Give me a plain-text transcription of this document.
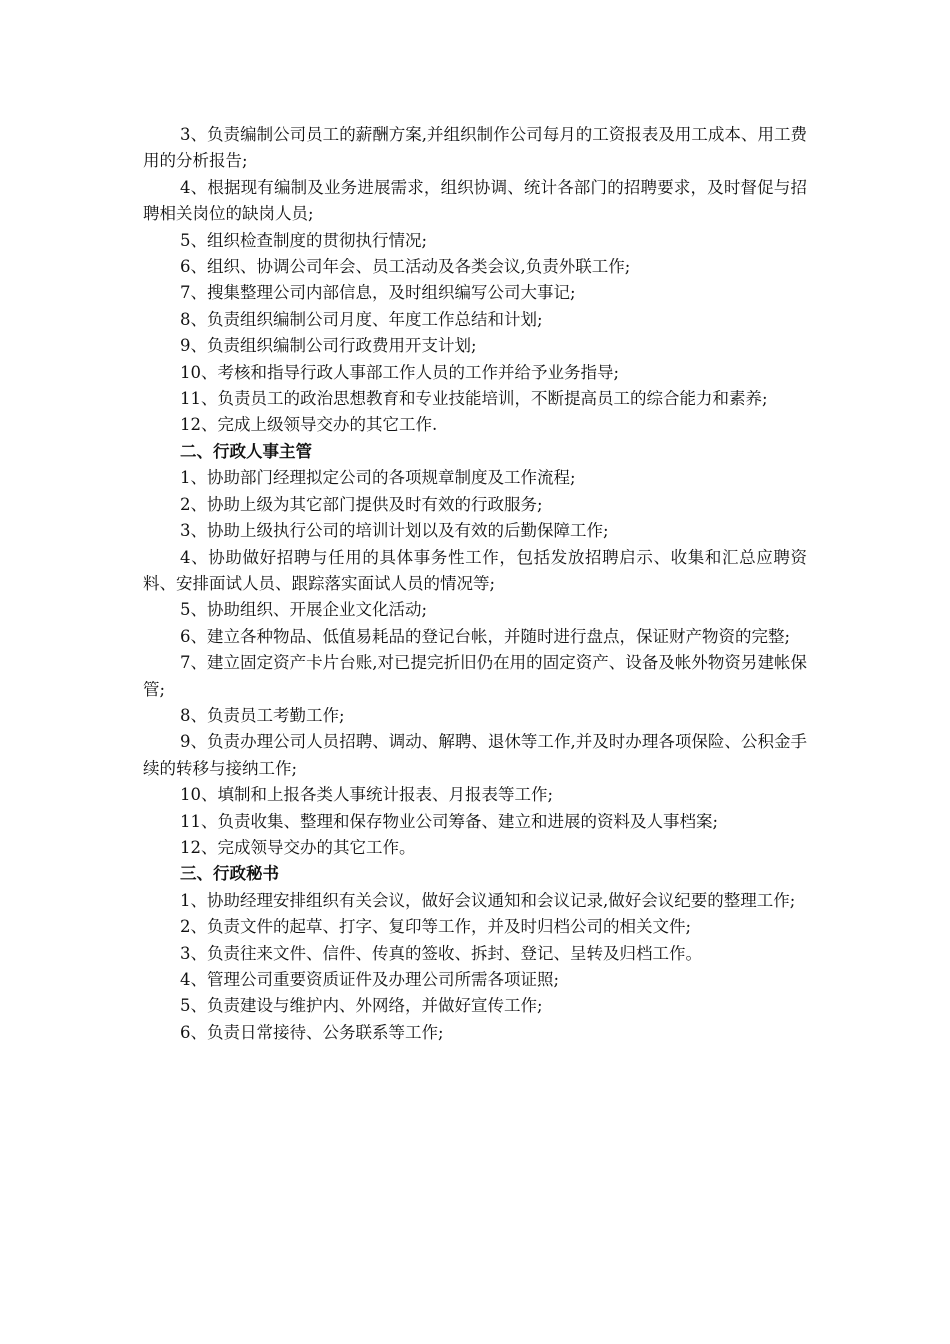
3、负责编制公司员工的薪酬方案,并组织制作公司每月的工资报表及用工成本、用工费用的分析报告;

4、根据现有编制及业务进展需求，组织协调、统计各部门的招聘要求，及时督促与招聘相关岗位的缺岗人员;

5、组织检查制度的贯彻执行情况;

6、组织、协调公司年会、员工活动及各类会议,负责外联工作;

7、搜集整理公司内部信息，及时组织编写公司大事记;

8、负责组织编制公司月度、年度工作总结和计划;

9、负责组织编制公司行政费用开支计划;

10、考核和指导行政人事部工作人员的工作并给予业务指导;

11、负责员工的政治思想教育和专业技能培训，不断提高员工的综合能力和素养;

12、完成上级领导交办的其它工作.

二、行政人事主管

1、协助部门经理拟定公司的各项规章制度及工作流程;

2、协助上级为其它部门提供及时有效的行政服务;

3、协助上级执行公司的培训计划以及有效的后勤保障工作;

4、协助做好招聘与任用的具体事务性工作，包括发放招聘启示、收集和汇总应聘资料、安排面试人员、跟踪落实面试人员的情况等;

5、协助组织、开展企业文化活动;

6、建立各种物品、低值易耗品的登记台帐，并随时进行盘点，保证财产物资的完整;

7、建立固定资产卡片台账,对已提完折旧仍在用的固定资产、设备及帐外物资另建帐保管;

8、负责员工考勤工作;

9、负责办理公司人员招聘、调动、解聘、退休等工作,并及时办理各项保险、公积金手续的转移与接纳工作;

10、填制和上报各类人事统计报表、月报表等工作;

11、负责收集、整理和保存物业公司筹备、建立和进展的资料及人事档案;

12、完成领导交办的其它工作。

三、行政秘书

1、协助经理安排组织有关会议，做好会议通知和会议记录,做好会议纪要的整理工作;

2、负责文件的起草、打字、复印等工作，并及时归档公司的相关文件;

3、负责往来文件、信件、传真的签收、拆封、登记、呈转及归档工作。

4、管理公司重要资质证件及办理公司所需各项证照;

5、负责建设与维护内、外网络，并做好宣传工作;

6、负责日常接待、公务联系等工作;
